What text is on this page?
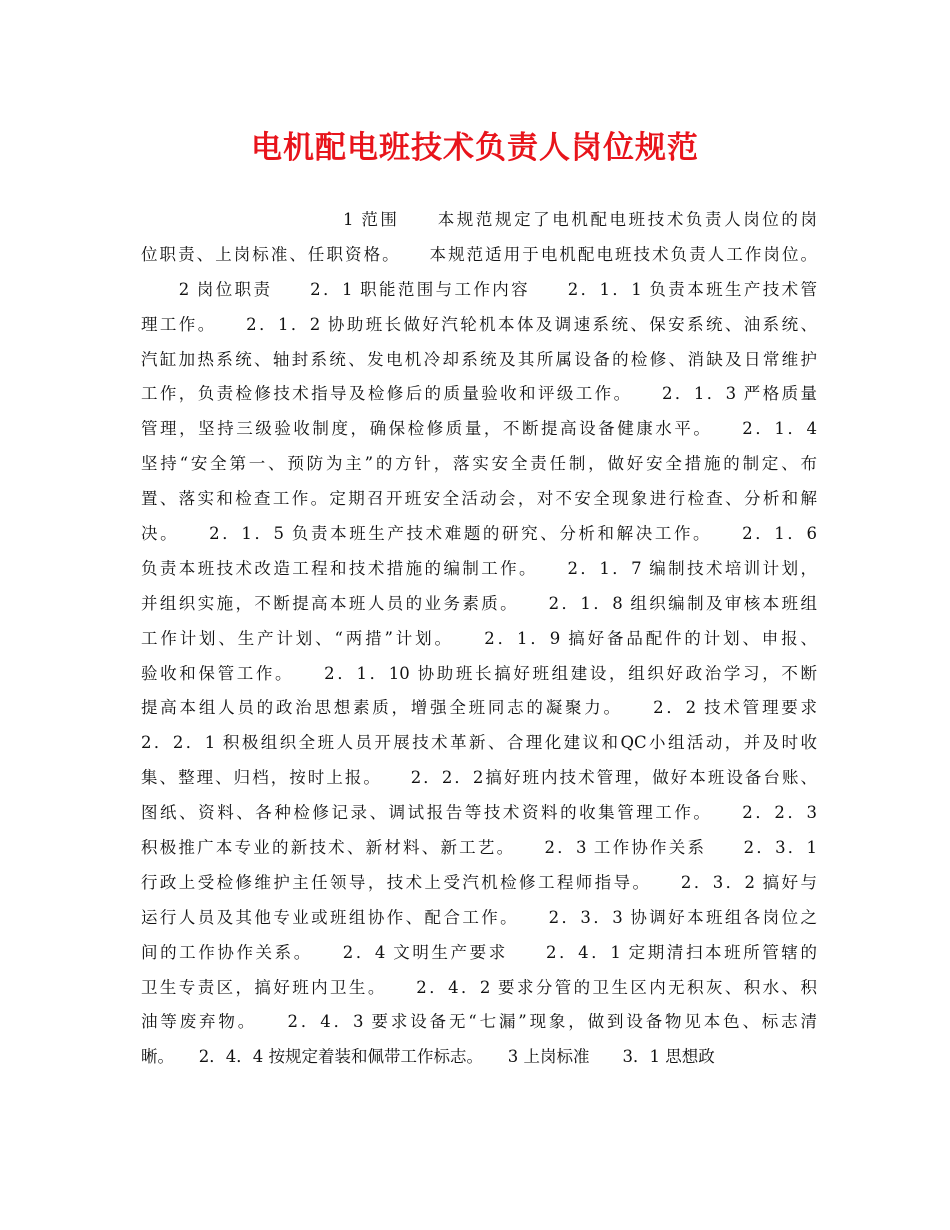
电机配电班技术负责人岗位规范
1 范围　　本规范规定了电机配电班技术负责人岗位的岗
位职责、上岗标准、任职资格。　　本规范适用于电机配电班技术负责人工作岗位。
　　2 岗位职责　　2．1 职能范围与工作内容　　2．1．1 负责本班生产技术管
理工作。　　2．1．2 协助班长做好汽轮机本体及调速系统、保安系统、油系统、
汽缸加热系统、轴封系统、发电机冷却系统及其所属设备的检修、消缺及日常维护
工作，负责检修技术指导及检修后的质量验收和评级工作。　　2．1．3 严格质量
管理，坚持三级验收制度，确保检修质量，不断提高设备健康水平。　　2．1．4
坚持“安全第一、预防为主”的方针，落实安全责任制，做好安全措施的制定、布
置、落实和检查工作。定期召开班安全活动会，对不安全现象进行检查、分析和解
决。　　2．1．5 负责本班生产技术难题的研究、分析和解决工作。　　2．1．6
负责本班技术改造工程和技术措施的编制工作。　　2．1．7 编制技术培训计划，
并组织实施，不断提高本班人员的业务素质。　　2．1．8 组织编制及审核本班组
工作计划、生产计划、“两措”计划。　　2．1．9 搞好备品配件的计划、申报、
验收和保管工作。　　2．1．10 协助班长搞好班组建设，组织好政治学习，不断
提高本组人员的政治思想素质，增强全班同志的凝聚力。　　2．2 技术管理要求
2．2．1 积极组织全班人员开展技术革新、合理化建议和QC小组活动，并及时收
集、整理、归档，按时上报。　　2．2．2搞好班内技术管理，做好本班设备台账、
图纸、资料、各种检修记录、调试报告等技术资料的收集管理工作。　　2．2．3
积极推广本专业的新技术、新材料、新工艺。　　2．3 工作协作关系　　2．3．1
行政上受检修维护主任领导，技术上受汽机检修工程师指导。　　2．3．2 搞好与
运行人员及其他专业或班组协作、配合工作。　　2．3．3 协调好本班组各岗位之
间的工作协作关系。　　2．4 文明生产要求　　2．4．1 定期清扫本班所管辖的
卫生专责区，搞好班内卫生。　　2．4．2 要求分管的卫生区内无积灰、积水、积
油等废弃物。　　2．4．3 要求设备无“七漏”现象，做到设备物见本色、标志清
晰。　　2．4．4 按规定着装和佩带工作标志。　　3 上岗标准　　3．1 思想政
